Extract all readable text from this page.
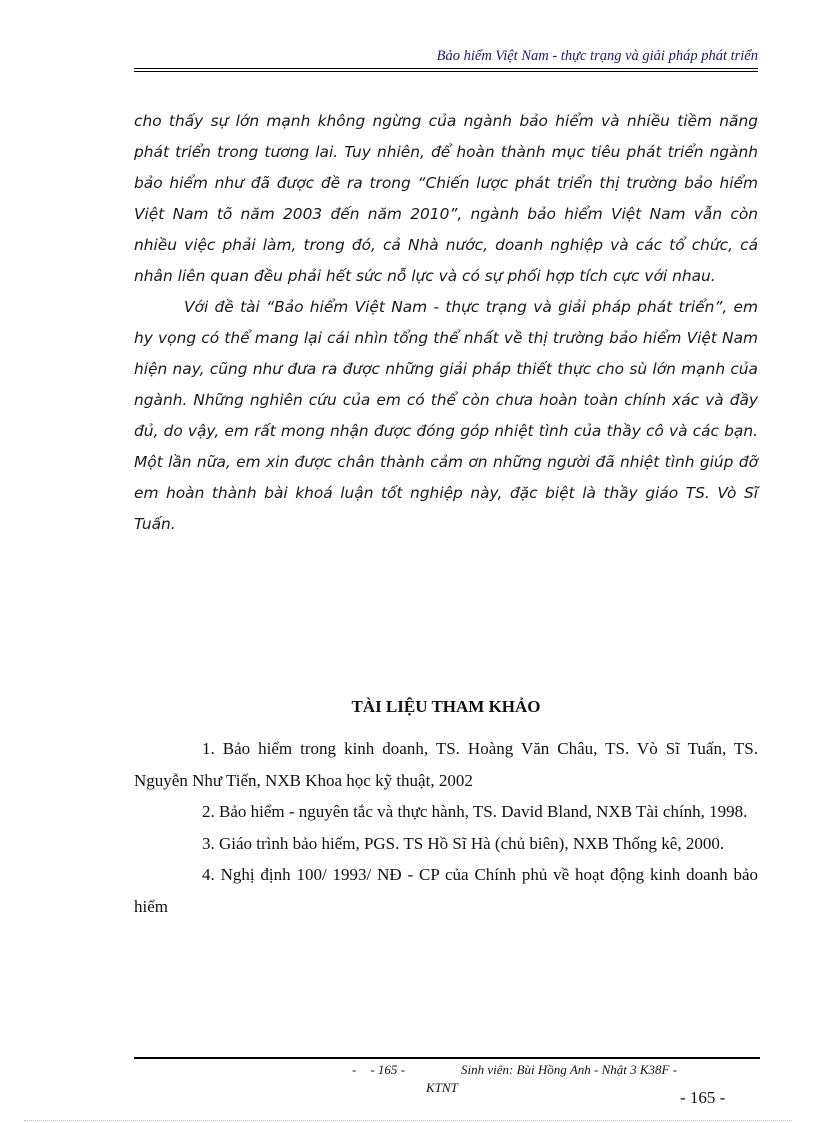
Bảo hiểm Việt Nam - thực trạng và giải pháp phát triển

cho thấy sự lớn mạnh không ngừng của ngành bảo hiểm và nhiều tiềm năng phát triển trong tương lai. Tuy nhiên, để hoàn thành mục tiêu phát triển ngành bảo hiểm như đã được đề ra trong “Chiến lược phát triển thị trường bảo hiểm Việt Nam tõ năm 2003 đến năm 2010”, ngành bảo hiểm Việt Nam vẫn còn nhiều việc phải làm, trong đó, cả Nhà nước, doanh nghiệp và các tổ chức, cá nhân liên quan đều phải hết sức nỗ lực và có sự phối hợp tích cực với nhau.

Với đề tài “Bảo hiểm Việt Nam - thực trạng và giải pháp phát triển”, em hy vọng có thể mang lại cái nhìn tổng thể nhất về thị trường bảo hiểm Việt Nam hiện nay, cũng như đưa ra được những giải pháp thiết thực cho sù lớn mạnh của ngành. Những nghiên cứu của em có thể còn chưa hoàn toàn chính xác và đầy đủ, do vậy, em rất mong nhận được đóng góp nhiệt tình của thầy cô và các bạn. Một lần nữa, em xin được chân thành cảm ơn những người đã nhiệt tình giúp đỡ em hoàn thành bài khoá luận tốt nghiệp này, đặc biệt là thầy giáo TS. Vò Sĩ Tuấn.

TÀI LIỆU THAM KHẢO

1. Bảo hiểm trong kinh doanh, TS. Hoàng Văn Châu, TS. Vò Sĩ Tuấn, TS. Nguyễn Như Tiến, NXB Khoa học kỹ thuật, 2002

2. Bảo hiểm - nguyên tắc và thực hành, TS. David Bland, NXB Tài chính, 1998.

3. Giáo trình bảo hiểm, PGS. TS Hồ Sĩ Hà (chủ biên), NXB Thống kê, 2000.

4. Nghị định 100/ 1993/ NĐ - CP của Chính phủ về hoạt động kinh doanh bảo hiểm

- - 165 -	Sinh viên: Bùi Hồng Anh - Nhật 3 K38F -
KTNT
- 165 -
